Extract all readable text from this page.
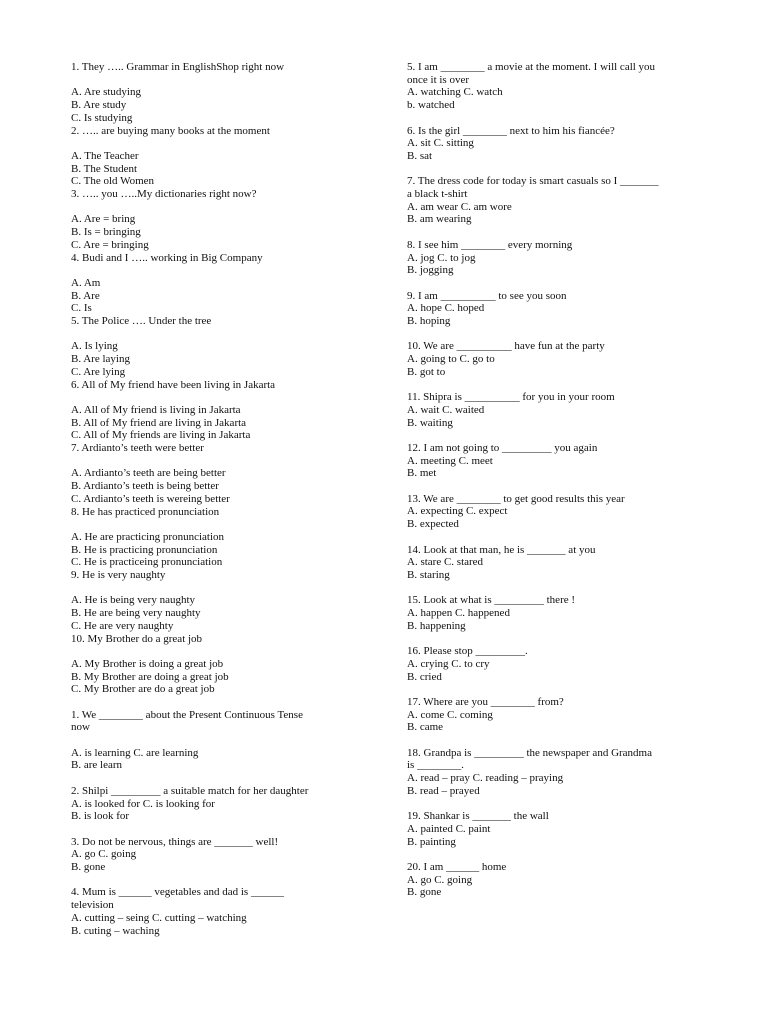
1. They ….. Grammar in EnglishShop right now
A. Are studying
B. Are study
C. Is studying
2. ….. are buying many books at the moment
A. The Teacher
B. The Student
C. The old Women
3. ….. you …..My dictionaries right now?
A. Are = bring
B. Is = bringing
C. Are = bringing
4. Budi and I ….. working in Big Company
A. Am
B. Are
C. Is
5. The Police …. Under the tree
A. Is lying
B. Are laying
C. Are lying
6. All of My friend have been living in Jakarta
A. All of My friend is living in Jakarta
B. All of My friend are living in Jakarta
C. All of My friends are living in Jakarta
7. Ardianto’s teeth were better
A. Ardianto’s teeth are being better
B. Ardianto’s teeth is being better
C. Ardianto’s teeth is wereing better
8. He has practiced pronunciation
A. He are practicing pronunciation
B. He is practicing pronunciation
C. He is practiceing pronunciation
9. He is very naughty
A. He is being very naughty
B. He are being very naughty
C. He are very naughty
10. My Brother do a great job
A. My Brother is doing a great job
B. My Brother are doing a great job
C. My Brother are do a great job
1. We ________ about the Present Continuous Tense
now
A. is learning C. are learning
B. are learn
2. Shilpi _________ a suitable match for her daughter
A. is looked for C. is looking for
B. is look for
3. Do not be nervous, things are _______ well!
A. go C. going
B. gone
4. Mum is ______ vegetables and dad is ______
television
A. cutting – seing C. cutting – watching
B. cuting – waching
5. I am ________ a movie at the moment. I will call you
once it is over
A. watching C. watch
b. watched
6. Is the girl ________ next to him his fiancée?
A. sit C. sitting
B. sat
7. The dress code for today is smart casuals so I _______
a black t-shirt
A. am wear C. am wore
B. am wearing
8. I see him ________ every morning
A. jog C. to jog
B. jogging
9. I am __________ to see you soon
A. hope C. hoped
B. hoping
10. We are __________ have fun at the party
A. going to C. go to
B. got to
11. Shipra is __________ for you in your room
A. wait C. waited
B. waiting
12. I am not going to _________ you again
A. meeting C. meet
B. met
13. We are ________ to get good results this year
A. expecting C. expect
B. expected
14. Look at that man, he is _______ at you
A. stare C. stared
B. staring
15. Look at what is _________ there !
A. happen C. happened
B. happening
16. Please stop _________.
A. crying C. to cry
B. cried
17. Where are you ________ from?
A. come C. coming
B. came
18. Grandpa is _________ the newspaper and Grandma
is ________.
A. read – pray C. reading – praying
B. read – prayed
19. Shankar is _______ the wall
A. painted C. paint
B. painting
20. I am ______ home
A. go C. going
B. gone
